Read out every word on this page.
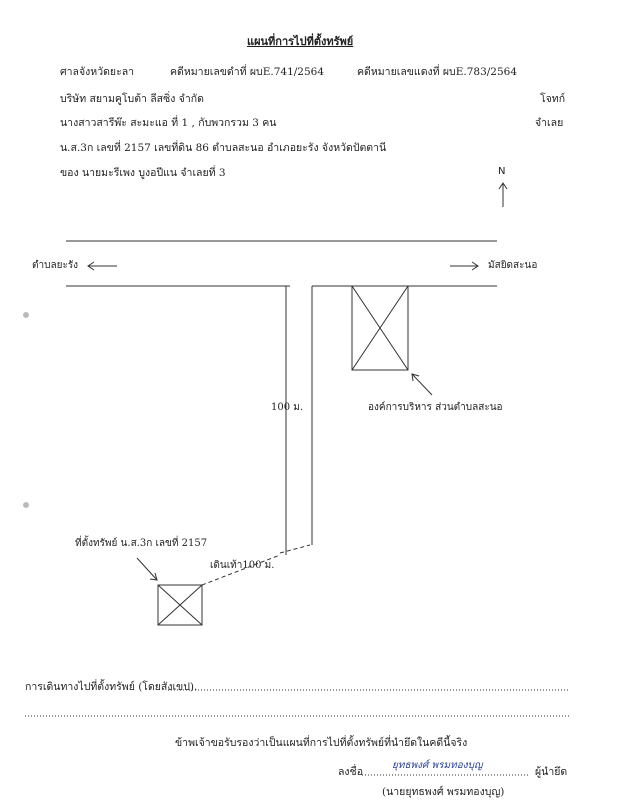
แผนที่การไปที่ตั้งทรัพย์
ศาลจังหวัดยะลา	คดีหมายเลขดำที่ ผบE.741/2564	คดีหมายเลขแดงที่ ผบE.783/2564
บริษัท สยามคูโบต้า ลีสซิ่ง จำกัด	โจทก์
นางสาวสารีพ๊ะ สะมะแอ ที่ 1 , กับพวกรวม 3 คน	จำเลย
น.ส.3ก เลขที่ 2157 เลขที่ดิน 86 ตำบลสะนอ อำเภอยะรัง จังหวัดปัตตานี
ของ นายมะรีเพง บูงอปีแน จำเลยที่ 3	N
ตำบลยะรัง	มัสยิดสะนอ
100 ม.	องค์การบริหาร ส่วนตำบลสะนอ
ที่ตั้งทรัพย์ น.ส.3ก เลขที่ 2157
เดินเท้า100 ม.
การเดินทางไปที่ตั้งทรัพย์ (โดยสังเขป).
ข้าพเจ้าขอรับรองว่าเป็นแผนที่การไปที่ตั้งทรัพย์ที่นำยึดในคดีนี้จริง
ลงชื่อ
ยุทธพงศ์ พรมทองบุญ
ผู้นำยึด
(นายยุทธพงศ์ พรมทองบุญ)
